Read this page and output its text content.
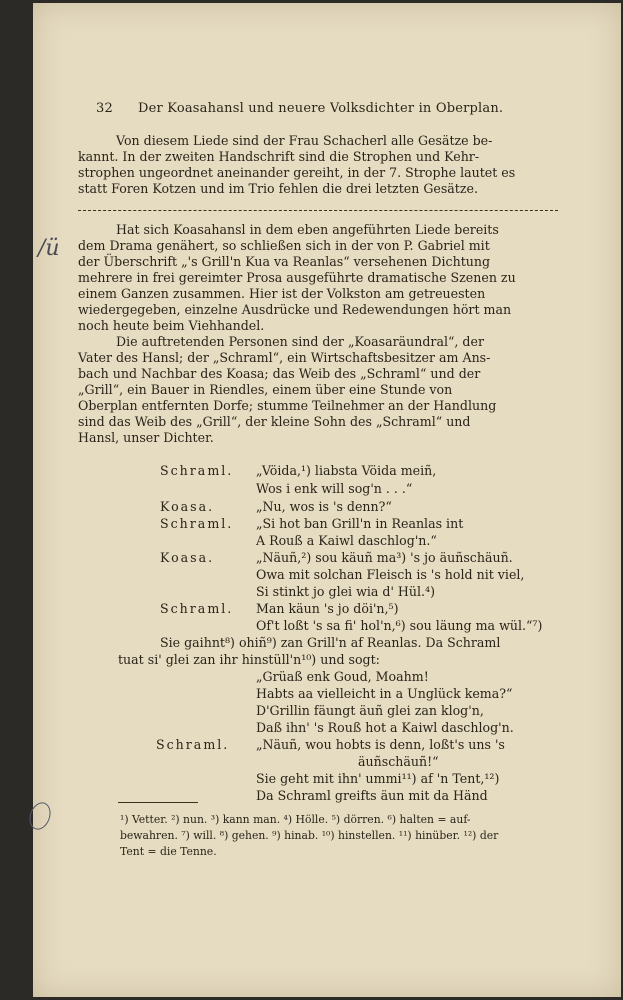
32 Der Koasahansl und neuere Volksdichter in Oberplan.
Von diesem Liede sind der Frau Schacherl alle Gesätze be-
kannt. In der zweiten Handschrift sind die Strophen und Kehr-
strophen ungeordnet aneinander gereiht, in der 7. Strophe lautet es
statt Foren Kotzen und im Trio fehlen die drei letzten Gesätze.
Hat sich Koasahansl in dem eben angeführten Liede bereits
dem Drama genähert, so schließen sich in der von P. Gabriel mit
der Überschrift „'s Grill'n Kua va Reanlas“ versehenen Dichtung
mehrere in frei gereimter Prosa ausgeführte dramatische Szenen zu
einem Ganzen zusammen. Hier ist der Volkston am getreuesten
wiedergegeben, einzelne Ausdrücke und Redewendungen hört man
noch heute beim Viehhandel.
Die auftretenden Personen sind der „Koasaräundral“, der
Vater des Hansl; der „Schraml“, ein Wirtschaftsbesitzer am Ans-
bach und Nachbar des Koasa; das Weib des „Schraml“ und der
„Grill“, ein Bauer in Riendles, einem über eine Stunde von
Oberplan entfernten Dorfe; stumme Teilnehmer an der Handlung
sind das Weib des „Grill“, der kleine Sohn des „Schraml“ und
Hansl, unser Dichter.
Schraml. „Vöida,¹) liabsta Vöida meiñ,
Wos i enk will sog'n . . .“
Koasa.	„Nu, wos is 's denn?“
Schraml. „Si hot ban Grill'n in Reanlas int
A Rouß a Kaiwl daschlog'n.“
Koasa.	„Näuñ,²) sou käuñ ma³) 's jo äuñschäuñ.
Owa mit solchan Fleisch is 's hold nit viel,
Si stinkt jo glei wia d' Hül.⁴)
Schraml. Man käun 's jo döi'n,⁵)
Of't loßt 's sa fi' hol'n,⁶) sou läung ma wül.“⁷)
Sie gaihnt⁸) ohiñ⁹) zan Grill'n af Reanlas. Da Schraml
tuat si' glei zan ihr hinstüll'n¹⁰) und sogt:
„Grüaß enk Goud, Moahm!
Habts aa vielleicht in a Unglück kema?“
D'Grillin fäungt äuñ glei zan klog'n,
Daß ihn' 's Rouß hot a Kaiwl daschlog'n.
Schraml. „Näuñ, wou hobts is denn, loßt's uns 's
äuñschäuñ!“
Sie geht mit ihn' ummi¹¹) af 'n Tent,¹²)
Da Schraml greifts äun mit da Händ
¹) Vetter. ²) nun. ³) kann man. ⁴) Hölle. ⁵) dörren. ⁶) halten = auf-
bewahren. ⁷) will. ⁸) gehen. ⁹) hinab. ¹⁰) hinstellen. ¹¹) hinüber. ¹²) der
Tent = die Tenne.
/ü
